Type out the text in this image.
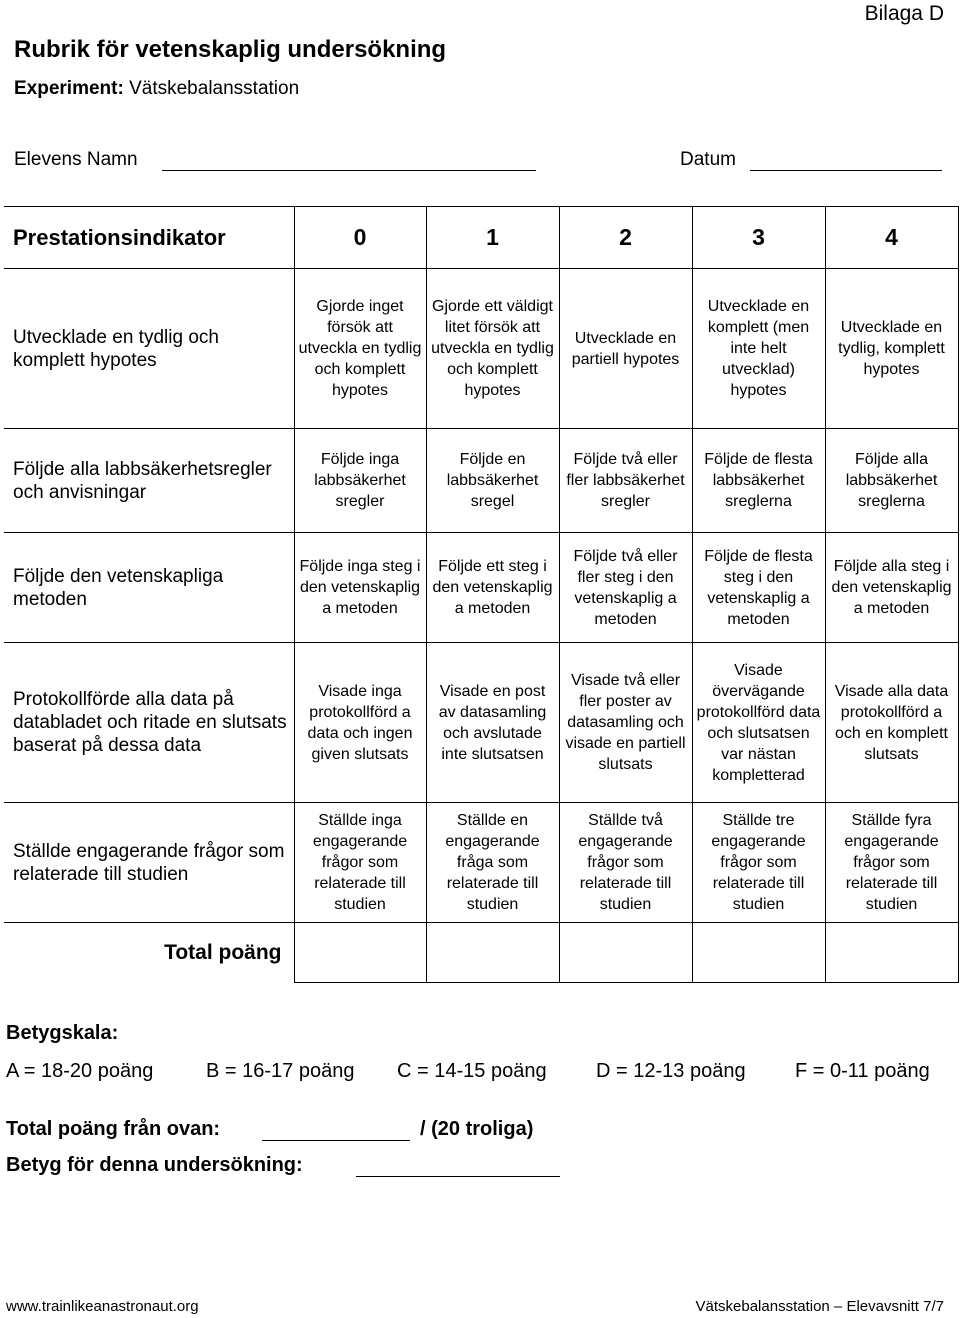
Bilaga D
Rubrik för vetenskaplig undersökning
Experiment: Vätskebalansstation
Elevens Namn	Datum
Prestationsindikator	0	1	2	3	4
Utvecklade en tydlig och komplett hypotes	Gjorde inget försök att utveckla en tydlig och komplett hypotes	Gjorde ett väldigt litet försök att utveckla en tydlig och komplett hypotes	Utvecklade en partiell hypotes	Utvecklade en komplett (men inte helt utvecklad) hypotes	Utvecklade en tydlig, komplett hypotes
Följde alla labbsäkerhetsregler och anvisningar	Följde inga labbsäkerhet sregler	Följde en labbsäkerhet sregel	Följde två eller fler labbsäkerhet sregler	Följde de flesta labbsäkerhet sreglerna	Följde alla labbsäkerhet sreglerna
Följde den vetenskapliga metoden	Följde inga steg i den vetenskaplig a metoden	Följde ett steg i den vetenskaplig a metoden	Följde två eller fler steg i den vetenskaplig a metoden	Följde de flesta steg i den vetenskaplig a metoden	Följde alla steg i den vetenskaplig a metoden
Protokollförde alla data på databladet och ritade en slutsats baserat på dessa data	Visade inga protokollförd a data och ingen given slutsats	Visade en post av datasamling och avslutade inte slutsatsen	Visade två eller fler poster av datasamling och visade en partiell slutsats	Visade övervägande protokollförd data och slutsatsen var nästan kompletterad	Visade alla data protokollförd a och en komplett slutsats
Ställde engagerande frågor som relaterade till studien	Ställde inga engagerande frågor som relaterade till studien	Ställde en engagerande fråga som relaterade till studien	Ställde två engagerande frågor som relaterade till studien	Ställde tre engagerande frågor som relaterade till studien	Ställde fyra engagerande frågor som relaterade till studien
Total poäng					
Betygskala:
A = 18-20 poäng	B = 16-17 poäng C = 14-15 poäng D = 12-13 poäng F = 0-11 poäng
Total poäng från ovan:	/ (20 troliga)
Betyg för denna undersökning:
www.trainlikeanastronaut.org	Vätskebalansstation – Elevavsnitt 7/7
